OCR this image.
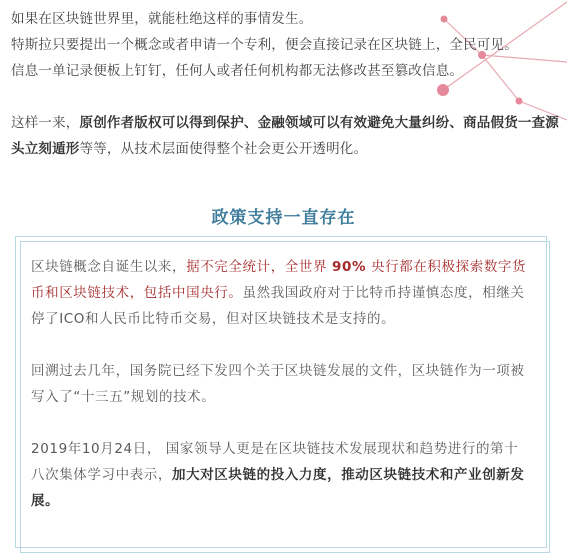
如果在区块链世界里，就能杜绝这样的事情发生。
特斯拉只要提出一个概念或者申请一个专利，便会直接记录在区块链上，全民可见。
信息一单记录便板上钉钉，任何人或者任何机构都无法修改甚至篡改信息。
这样一来，原创作者版权可以得到保护、金融领域可以有效避免大量纠纷、商品假货一查源头立刻遁形等等，从技术层面使得整个社会更公开透明化。
政策支持一直存在

区块链概念自诞生以来，据不完全统计，全世界 90% 央行都在积极探索数字货币和区块链技术，包括中国央行。虽然我国政府对于比特币持谨慎态度，相继关停了ICO和人民币比特币交易，但对区块链技术是支持的。

回溯过去几年，国务院已经下发四个关于区块链发展的文件，区块链作为一项被写入了“十三五”规划的技术。

2019年10月24日， 国家领导人更是在区块链技术发展现状和趋势进行的第十八次集体学习中表示，加大对区块链的投入力度，推动区块链技术和产业创新发展。
